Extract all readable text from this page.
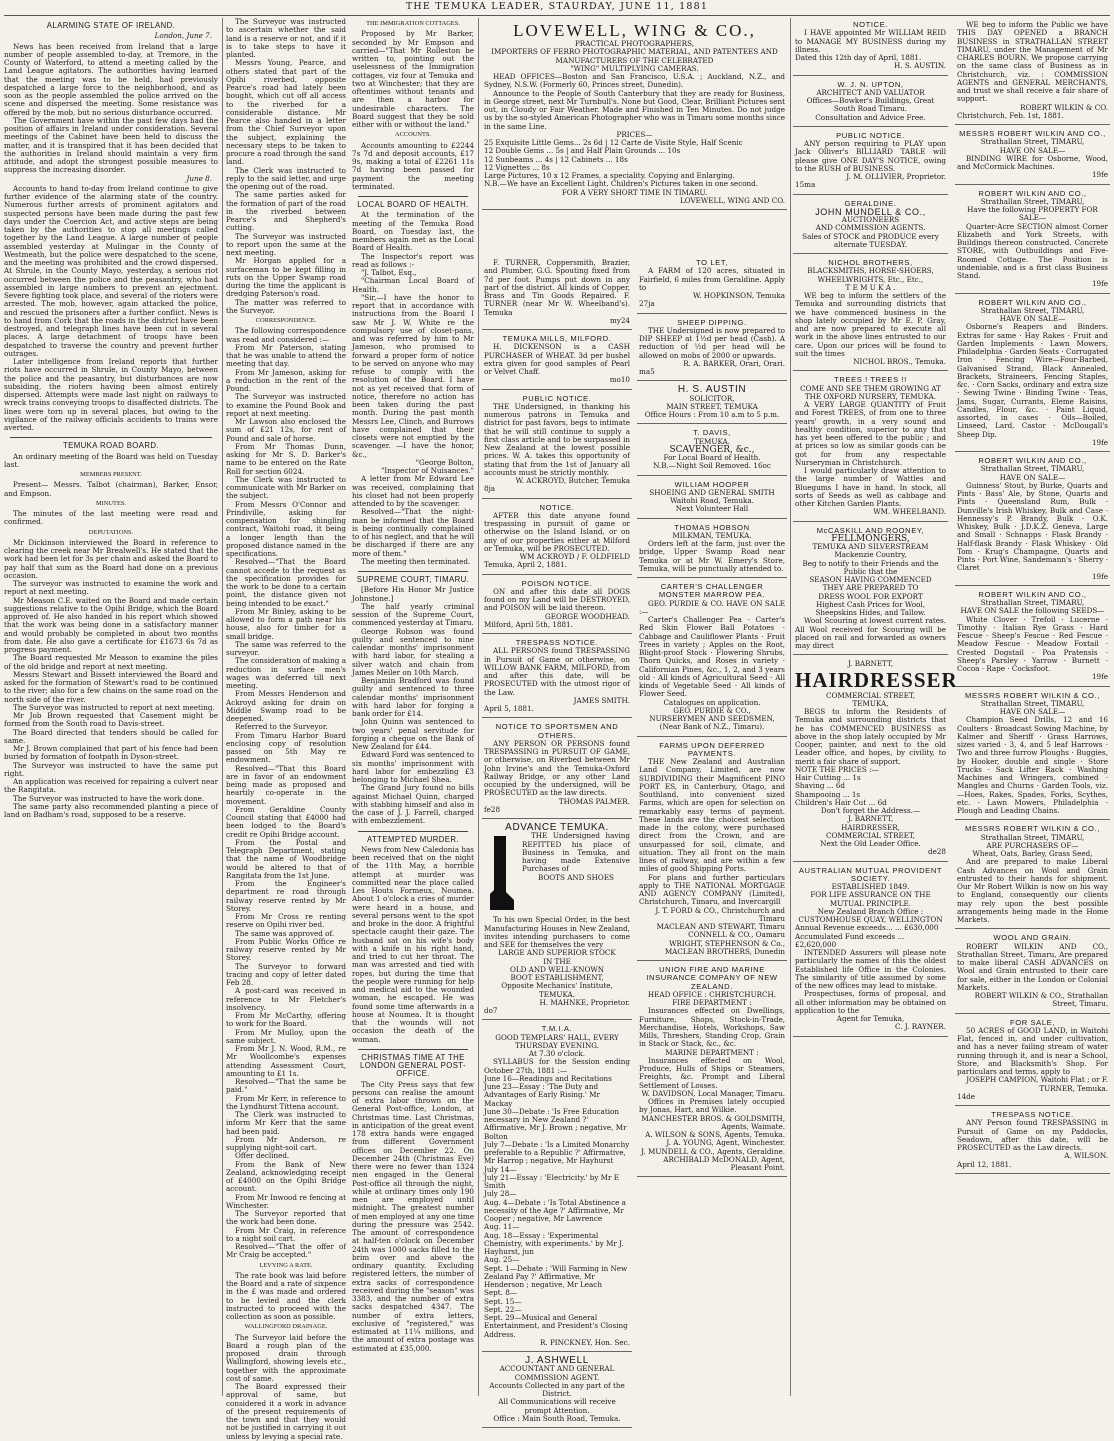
THE TEMUKA LEADER, STAURDAY, JUNE 11, 1881
ALARMING STATE OF IRELAND.
London, June 7.

News has been received from Ireland that a large number of people assembled to-day, at Tremore, in the County of Waterford, to attend a meeting called by the Land League agitators. The authorities having learned that the meeting was to be held, had previously despatched a large force to the neighborhood, and as soon as the people assembled the police arrived on the scene and dispersed the meeting. Some resistance was offered by the mob, but no serious disturbance occurred.

The Government have within the past few days had the position of affairs in Ireland under consideration. Several meetings of the Cabinet have been held to discuss the matter, and it is transpired that it has been decided that the authorities in Ireland should maintain a very firm attitude, and adopt the strongest possible measures to suppress the increasing disorder.

June 8.

Accounts to hand to-day from Ireland continue to give further evidence of the alarming state of the country. Numerous further arrests of prominent agitators and suspected persons have been made during the past few days under the Coercion Act, and active steps are being taken by the authorities to stop all meetings called together by the Land League. A large number of people assembled yesterday at Mulingar in the County of Westmeath, but the police were despatched to the scene, and the meeting was prohibited and the crowd dispersed. At Shrule, in the County Mayo, yesterday, a serious riot occurred between the police and the peasantry, who had assembled in large numbers to prevent an ejectment. Severe fighting took place, and several of the rioters were arrested. The mob, however, again attacked the police, and rescued the prisoners after a further conflict. News is to hand from Cork that the roads in the district have been destroyed, and telegraph lines have been cut in several places. A large detachment of troops have been despatched to traverse the country and prevent further outrages.

Later intelligence from Ireland reports that further riots have occurred in Shrule, in County Mayo, between the police and the peasantry, but disturbances are now subsiding, the rioters having been almost entirely dispersed. Attempts were made last night on railways to wreck trains conveying troops to disaffected districts. The lines were torn up in several places, but owing to the vigilance of the railway officials accidents to trains were averted.

TEMUKA ROAD BOARD.

An ordinary meeting of the Board was held on Tuesday last.

MEMBERS PRESENT.

Present— Messrs. Talbot (chairman), Barker, Ensor, and Empson.

MINUTES.

The minutes of the last meeting were read and confirmed.

DEPUTATIONS.

Mr Dickinson interviewed the Board in reference to clearing the creek near Mr Brealwell's. He stated that the work had been let for 3s per chain and asked the Board to pay half that sum as the Board had done on a previous occasion.

The surveyor was instructed to examine the work and report at next meeting.

Mr Meason C.E. waited on the Board and made certain suggestions relative to the Opihi Bridge, which the Board approved of. He also handed in his report which showed that the work was being done in a satisfactory manner and would probably be completed in about two months from date. He also gave a certificate for £1673 6s 7d as progress payment.

The Board requested Mr Meason to examine the piles of the old bridge and report at next meeting.

Messrs Stewart and Bissett interviewed the Board and asked for the formation of Stewart's road to be continued to the river; also for a few chains on the same road on the north side of the river.

The Surveyor was instructed to report at next meeting.

Mr Job Brown requested that Casement might be formed from the South road to Davis-street.

The Board directed that tenders should be called for same.

Mr J. Brown complained that part of his fence had been buried by formation of footpath in Dyson-street.

The Surveyor was instructed to have the same put right.

An application was received for repairing a culvert near the Rangitata.

The Surveyor was instructed to have the work done.

The same party also recommended planting a piece of land on Badham's road, supposed to be a reserve.

The Surveyor was instructed to ascertain whether the said land is a reserve or not, and if it is to take steps to have it planted.

Messrs Young, Pearce, and others stated that part of the Opihi riverbed, opposite Pearce's road had lately been bought, which cut off all access to the riverbed for a considerable distance. Mr Pearce also handed in a letter from the Chief Surveyor upon the subject, explaining the necessary steps to be taken to procure a road through the sand land.

The Clerk was instructed to reply to the said letter, and urge the opening out of the road.

The same parties asked for the formation of part of the road in the riverbed between Pearce's and Shepherd's cutting.

The Surveyor was instructed to report upon the same at the next meeting.

Mr Horgan applied for a surfaceman to be kept filling in ruts on the Upper Swamp road during the time the applicant is dredging Paterson's road.

The matter was referred to the Surveyor.

CORRESPONDENCE.

The following correspondence was read and considered :—

From Mr Paterson, stating that he was unable to attend the meeting that day.

From Mr Jameson, asking for a reduction in the rent of the Pound.

The Surveyor was instructed to examine the Pound Book and report at next meeting.

Mr Lawson also enclosed the sum of £21 12s, for rent of Pound and sale of horse.

From Mr Thomas Dunn, asking for Mr S. D. Barker's name to be entered on the Rate Roll for section 6024.

The Clerk was instructed to communicate with Mr Barker on the subject.

From Messrs O'Connor and Prindiville, asking for compensation for shingling contract, Waitohi road, it being a longer length than the proposed distance named in the specifications.

Resolved—"That the Board cannot accede to the request as the specification provides for the work to be done to a certain point, the distance given not being intended to be exact."

From Mr Binley, asking to be allowed to form a path near his house, also for timber for a small bridge.

The same was referred to the surveyor.

The consideration of making a reduction in surface men's wages was deferred till next meeting.

From Messrs Henderson and Ackroyd asking for drain on Middle Swamp road to be deepened.

Referred to the Surveyor.

From Timaru Harbor Board enclosing copy of resolution passed on 5th May re endowment.

Resolved—"That this Board are in favor of an endowment being made as proposed and heartily co-operate in the movement.

From Geraldine County Council stating that £4000 had been lodged to the Board's credit re Opihi Bridge account.

From the Postal and Telegraph Department, stating that the name of Woodbridge would be altered to that of Rangitata from the 1st June.

From the Engineer's department re road through railway reserve rented by Mr Storey.

From Mr Cross re renting reserve on Opihi river bed.

The same was approved of.

From Public Works Office re railway reserve rented by Mr Storey.

The Surveyor to forward tracing and copy of letter dated Feb 28.

A post-card was received in reference to Mr Fletcher's insolvency.

From Mr McCarthy, offering to work for the Board.

From Mr Mulloy, upon the same subject.

From Mr J. N. Wood, R.M., re Mr Woollcombe's expenses attending Assessment Court, amounting to £1 1s.

Resolved—"That the same be paid."

From Mr Kerr, in reference to the Lyndhurst Tittena account.

The Clerk was instructed to inform Mr Kerr that the same had been paid.

From Mr Anderson, re supplying night-soil cart.

Offer declined.

From the Bank of New Zealand, acknowledging receipt of £4000 on the Opihi Bridge account.

From Mr Inwood re fencing at Winchester.

The Surveyor reported that the work had been done.

From Mr Craig, in reference to a night soil cart.

Resolved—"That the offer of Mr Craig be accepted."

LEVYING A RATE.

The rate book was laid before the Board and a rate of sixpence in the £ was made and ordered to be levied and the clerk instructed to proceed with the collection as soon as possible.

WALLINGFORD DRAINAGE.

The Surveyor laid before the Board a rough plan of the proposed drain through Wallingford, showing levels etc., together with the approximate cost of same.

The Board expressed their approval of same, but considered it a work in advance of the present requirements of the town and that they would not be justified in carrying it out unless by levying a special rate.

THE IMMIGRATION COTTAGES.

Proposed by Mr Barker, seconded by Mr Empson and carried—"That Mr Rolleston be written to, pointing out the uselessness of the Immigration cottages, viz four at Temuka and two at Winchester; that they are oftentimes without tenants and are then a harbor for undesirable characters. The Board suggest that they be sold either with or without the land."

ACCOUNTS.

Accounts amounting to £2244 7s 7d and deposit accounts, £17 9s, making a total of £2261 11s 7d having been passed for payment the meeting terminated.

LOCAL BOARD OF HEALTH.

At the termination of the meeting of the Temuka Road Board, on Tuesday last, the members again met as the Local Board of Health.

The Inspector's report was read as follows :-

"J. Talbot, Esq.,

"Chairman Local Board of Health.

"Sir,—I have the honor to report that in accordance with instructions from the Board I saw Mr J. W. White re the compulsory use of closet-pans, and was referred by him to Mr Jameson, who promised to forward a proper form of notice to be served on anyone who may refuse to comply with the resolution of the Board. I have not as yet received that form of notice, therefore no action has been taken during the past month. During the past month Messrs Lee, Clinch, and Burrows have complained that their closets were not emptied by the scavenger. —I have the honor, &c.,

"George Bolton,
"Inspector of Nuisances."

A letter from Mr Edward Lee was received, complaining that his closet had not been properly attended to by the scavenger.

Resolved—"That the night-man be informed that the Board is being continually complained to of his neglect, and that he will be discharged if there are any more of them."

The meeting then terminated.

SUPREME COURT, TIMARU.

[Before His Honor Mr Justice Johnstone.]

The half yearly criminal session of the Supreme Court, commenced yesterday at Timaru.

George Robson was found guilty and sentenced to nine calendar months' imprisonment with hard labor, for stealing a silver watch and chain from James Meiler on 10th March.

Benjamin Bradford was found guilty and sentenced to three calendar months' imprisonment with hard labor for forging a bank order for £14.

John Quinn was sentenced to two years' penal servitude for forging a cheque on the Bank of New Zealand for £44.

Edward Ford was sentenced to six months' imprisonment with hard labor for embezzling £3 belonging to Michael Shea.

The Grand Jury found no bills against Michael Quinn, charged with stabbing himself and also in the case of J. J. Farrell, charged with embezzlement.

ATTEMPTED MURDER.

News from New Caledonia has been received that on the night of the 11th May, a horrible attempt at murder was committed near the place called Les Houts Formeux, Noumea. About 1 o'clock a cries of murder were heard in a house, and several persons went to the spot and broke in the door. A frightful spectacle caught their gaze. The husband sat on his wife's body with a knife in his right hand, and tried to cut her throat. The man was arrested and tied with ropes, but during the time that the people were running for help and medical aid to the wounded woman, he escaped. He was found some time afterwards in a house at Noumea. It is thought that the wounds will not occasion the death of the woman.

CHRISTMAS TIME AT THE LONDON GENERAL POST-OFFICE.

The City Press says that few persons can realise the amount of extra labor thrown on the General Post-office, London, at Christmas time. Last Christmas, in anticipation of the great event 178 extra hands were engaged from different Government offices on December 22. On December 24th (Christmas Eve) there were no fewer than 1324 men engaged in the General Post-office all through the night, while at ordinary times only 190 men are employed until midnight. The greatest number of men employed at any one time during the pressure was 2542. The amount of correspondence at half-ten o'clock on December 24th was 1000 sacks filled to the brim over and above the ordinary quantity. Excluding registered letters, the number of extra sacks of correspondence received during the "season" was 3383, and the number of extra sacks despatched 4347. The number of extra letters, exclusive of "registered," was estimated at 11¼ millions, and the amount of extra postage was estimated at £35,000.

LOVEWELL, WING & CO.,
PRACTICAL PHOTOGRAPHERS,
IMPORTERS OF FERRO PHOTOGRAPHIC MATERIAL, AND PATENTEES AND MANUFACTURERS OF THE CELEBRATED
"WING" MULTIPLYING CAMERAS.

HEAD OFFICES—Boston and San Francisco, U.S.A. ; Auckland, N.Z., and Sydney, N.S.W. (Formerly 60, Princes street, Dunedin).

Announce to the People of South Canterbury that they are ready for Business, in George street, next Mr Turnbull's. None but Good, Clear, Brilliant Pictures sent out, in Cloudy or Fair Weather. Made and Finished in Ten Minutes. Do not judge us by the so-styled American Photographer who was in Timaru some months since in the same Line.

PRICES—
25 Exquisite Little Gems... 2s 6d | 12 Carte de Visite Style, Half Scenic
12 Double Gems ... 5s | and Half Plain Grounds ... 10s
12 Sunbeams ... 4s | 12 Cabinets ... 18s
12 Vignettes ... 8s
Large Pictures, 10 x 12 Frames, a speciality. Copying and Enlarging.
N.B.—We have an Excellent Light. Children's Pictures taken in one second.
FOR A VERY SHORT TIME IN TIMARU.
LOVEWELL, WING AND CO.

F. TURNER, Coppersmith, Brazier, and Plumber, G.G. Spouting fixed from 7d per foot. Pumps put down in any part of the district. All kinds of Copper, Brass and Tin Goods Repaired. F. TURNER (near Mr W. Wheelband's). Temuka

my24
TEMUKA MILLS, MILFORD.

H. DICKENSON is a CASH PURCHASER of WHEAT. 3d per bushel extra given for good samples of Pearl or Velvet Chaff.

mo10
PUBLIC NOTICE.

THE Undersigned, in thanking his numerous patrons in Temuka and district for past favors, begs to intimate that he will still continue to supply a first class article and to be surpassed in New Zealand at the lowest possible prices. W. A. takes this opportunity of stating that from the 1st of January all accounts must be strictly monthly.

W. ACKROYD, Butcher, Temuka
8ja
NOTICE.

AFTER this date anyone found trespassing in pursuit of game or otherwise on the Island Island, or on any of our properties either at Milford or Temuka, will be PROSECUTED.

WM ACKROYD / F. OLDFIELD
Temuka, April 2, 1881.
POISON NOTICE.

ON and after this date all DOGS found on my Land will be DESTROYED, and POISON will be laid thereon.

GEORGE WOODHEAD.
Milford, April 5th, 1881.
TRESPASS NOTICE.

ALL PERSONS found TRESPASSING in Pursuit of Game or otherwise, on WILLOW BANK FARM, MILFORD, from and after this date, will be PROSECUTED with the utmost rigor of the Law.

JAMES SMITH.
April 5, 1881.
NOTICE TO SPORTSMEN AND OTHERS.

ANY PERSON OR PERSONS found TRESPASSING in PURSUIT OF GAME, or otherwise, on Riverbed between Mr John Irvine's and the Temuka-Oxford Railway Bridge, or any other Land occupied by the undersigned, will be PROSECUTED as the law directs.

THOMAS PALMER.
fe28
ADVANCE TEMUKA.

THE Undersigned having REFITTED his place of Business in Temuka, and having made Extensive Purchases of

BOOTS AND SHOES

To his own Special Order, in the best Manufacturing Houses in New Zealand, invites intending purchasers to come and SEE for themselves the very

LARGE AND SUPERIOR STOCK
IN THE
OLD AND WELL-KNOWN
BOOT ESTABLISHMENT,
Opposite Mechanics' Institute, TEMUKA.
H. MAHNKE, Proprietor.
do7
T.M.I.A.
GOOD TEMPLARS' HALL, EVERY THURSDAY EVENING.
At 7.30 o'clock.

SYLLABUS for the Session ending October 27th, 1881 :—

June 16—Readings and Recitations
June 23—Essay : 'The Duty and Advantages of Early Rising.' Mr Mackay
June 30—Debate : 'Is Free Education necessary in New Zealand ?' Affirmative, Mr J. Brown ; negative, Mr Bolton
July 7—Debate : 'Is a Limited Monarchy preferable to a Republic ?' Affirmative, Mr Harrop ; negative, Mr Hayhurst
July 14—
July 21—Essay : 'Electricity.' by Mr E Smith
July 28—
Aug. 4—Debate : 'Is Total Abstinence a necessity of the Age ?' Affirmative, Mr Cooper ; negative, Mr Lawrence
Aug. 11—
Aug. 18—Essay : 'Experimental Chemistry, with experiments.' by Mr J. Hayhurst, jun
Aug. 25—
Sept. 1—Debate : 'Will Farming in New Zealand Pay ?' Affirmative, Mr Henderson ; negative, Mr Leach
Sept. 8—
Sept. 15—
Sept. 22—
Sept. 29—Musical and General Entertainment, and President's Closing Address.
R. PINCKNEY, Hon. Sec.
J. ASHWELL
ACCOUNTANT AND GENERAL COMMISSION AGENT.
Accounts Collected in any part of the District.
All Communications will receive prompt Attention.
Office : Main South Road, Temuka.
TO LET,

A FARM of 120 acres, situated in Fairfield, 6 miles from Geraldine. Apply to

W. HOPKINSON, Temuka
27ja
SHEEP DIPPING.

THE Undersigned is now prepared to DIP SHEEP at 1½d per head (Cash). A reduction of ½d per head will be allowed on mobs of 2000 or upwards.

R. A. BARKER, Orari, Orari.
ma5
H. S. AUSTIN
SOLICITOR,
MAIN STREET, TEMUKA
Office Hours : From 10 a.m to 5 p.m.
T. DAVIS,
TEMUKA.
SCAVENGER, &c.,
For Local Board of Health.
N.B.—Night Soil Removed. 16oc
WILLIAM HOOPER
SHOEING AND GENERAL SMITH
Waitohi Road, Temuka.
Next Volunteer Hall
THOMAS HOBSON
MILKMAN, TEMUKA.

Orders left at the farm, just over the bridge, Upper Swamp Road near Temuka or at Mr W. Emery's Store, Temuka, will be punctually attended to.

CARTER'S CHALLENGER MONSTER MARROW PEA.

GEO. PURDIE & CO. HAVE ON SALE :—

Carter's Challenger Pea · Carter's Red Skin Flower Ball Potatoes · Cabbage and Cauliflower Plants · Fruit Trees in variety ; Apples on the Root, Blight-proof Stock · Flowering Shrubs, Thorn Quicks, and Roses in variety · Californian Pines, &c., 1, 2, and 3 years old · All kinds of Agricultural Seed · All kinds of Vegetable Seed · All kinds of Flower Seed.

Catalogues on application.
GEO. PURDIE & CO.,
NURSERYMEN AND SEEDSMEN, (Near Bank of N.Z., Timaru).
FARMS UPON DEFERRED PAYMENTS.

THE New Zealand and Australian Land Company, Limited, are now SUBDIVIDING their Magnificent PINO PORT ES, in Canterbury, Otago, and Southland, into convenient sized Farms, which are open for selection on remarkably easy terms of payment. These lands are the choicest selection made in the colony, were purchased direct from the Crown, and are unsurpassed for soil, climate, and situation. They all front on the main lines of railway, and are within a few miles of good Shipping Ports.

For plans and further particulars apply to THE NATIONAL MORTGAGE AND AGENCY COMPANY (Limited), Christchurch, Timaru, and Invercargill

J. T. FORD & CO., Christchurch and Timaru
MACLEAN AND STEWART, Timaru
CONNELL & CO., Oamaru
WRIGHT, STEPHENSON & Co., MACLEAN BROTHERS, Dunedin
UNION FIRE AND MARINE INSURANCE COMPANY OF NEW ZEALAND.
HEAD OFFICE : CHRISTCHURCH.
FIRE DEPARTMENT :

Insurances effected on Dwellings, Furniture, Shops, Stock-in-Trade, Merchandise, Hotels, Workshops, Saw Mills, Threshers, Standing Crop, Grain in Stack or Stack, &c., &c.

MARINE DEPARTMENT :

Insurances effected on Wool, Produce, Hulls of Ships or Steamers, Freights, &c. Prompt and Liberal Settlement of Losses.

W. DAVIDSON, Local Manager, Timaru.

Offices in Premises lately occupied by Jonas, Hart, and Wilkie.

MANCHESTER BROS. & GOLDSMITH, Agents, Waimate.
A. WILSON & SONS, Agents, Temuka.
J. A. YOUNG, Agent, Winchester.
J. MUNDELL & CO., Agents, Geraldine.
ARCHIBALD McDONALD, Agent, Pleasant Point.
NOTICE.

I HAVE appointed Mr WILLIAM REID to MANAGE MY BUSINESS during my illness.

Dated this 12th day of April, 1881.
H. S. AUSTIN.
W. J. N. UPTON,
ARCHITECT AND VALUATOR
Offices—Bowker's Buildings, Great South Road Timaru.
Consultation and Advice Free.
PUBLIC NOTICE.

ANY person requiring to PLAY upon Jack Olliver's BILLIARD TABLE will please give ONE DAY'S NOTICE, owing to the RUSH of BUSINESS.

J. M. OLLIVIER, Proprietor.
15ma
GERALDINE.
JOHN MUNDELL & CO.,
AUCTIONEERS
AND COMMISSION AGENTS.
Sales of STOCK and PRODUCE every alternate TUESDAY.
NICHOL BROTHERS,
BLACKSMITHS, HORSE-SHOERS, WHEELWRIGHTS, Etc., Etc.,
T E M U K A .

WE beg to inform the settlers of the Temuka and surrounding districts that we have commenced business in the shop lately occupied by Mr E. P. Gray, and are now prepared to execute all work in the above lines entrusted to our care. Upon our prices will be found to suit the times

NICHOL BROS., Temuka.
TREES ! TREES !!
COME AND SEE THEM GROWING AT THE OXFORD NURSERY, TEMUKA.

A VERY LARGE QUANTITY of Fruit and Forest TREES, of from one to three years' growth, in a very sound and healthy condition, superior to any that has yet been offered to the public ; and at prices so low as similar goods can be got for from any respectable Nurseryman in Christchurch.

I would particularly draw attention to the large number of Wattles and Bluegums I have in hand. In stock, all sorts of Seeds as well as cabbage and other Kitchen Garden Plants.

WM. WHEELBAND.
McCASKILL AND ROONEY,
FELLMONGERS,
TEMUKA AND SILVERSTREAM
Mackenzie Country,
Beg to notify to their Friends and the Public that the
SEASON HAVING COMMENCED
THEY ARE PREPARED TO
DRESS WOOL FOR EXPORT
Highest Cash Prices for Wool, Sheepskins Hides, and Tallow.

Wool Scouring at lowest current rates. All Wool received for Scouring will be placed on rail and forwarded as owners may direct

J. BARNETT,
HAIRDRESSER
COMMERCIAL STREET,
TEMUKA,

BEGS to inform the Residents of Temuka and surrounding districts that he has COMMENCED BUSINESS as above in the shop lately occupied by Mr Cooper, painter, and next to the old Leader office, and hopes, by civility, to merit a fair share of support.

NOTE THE PRICES :—
Hair Cutting ... 1s
Shaving ... 6d
Shampooing ... 1s
Children's Hair Cut ... 6d
Don't forget the Address.—
J. BARNETT,
HAIRDRESSER,
COMMERCIAL STREET,
Next the Old Leader Office.
de28
AUSTRALIAN MUTUAL PROVIDENT SOCIETY.
ESTABLISHED 1849.
FOR LIFE ASSURANCE ON THE MUTUAL PRINCIPLE.
New Zealand Branch Office :
CUSTOMHOUSE QUAY, WELLINGTON
Annual Revenue exceeds... ... £630,000
Accumulated Fund exceeds ... £2,620,000

INTENDED Assurers will please note particularly the names of this the oldest Established life Office in the Colonies. The similarity of title assumed by some of the new offices may lead to mistake.

Prospectuses, forms of proposal, and all other information may be obtained on application to the

Agent for Temuka,
C. J. RAYNER.

WE beg to inform the Public we have THIS DAY OPENED a BRANCH BUSINESS in STRATHALLAN STREET TIMARU, under the Management of Mr CHARLES BOURN. We propose carrying on the same class of Business as in Christchurch, viz. : COMMISSION AGENTS and GENERAL MERCHANTS, and trust we shall receive a fair share of support.

ROBERT WILKIN & CO.
Christchurch, Feb. 1st, 1881.
MESSRS ROBERT WILKIN AND CO.,
Strathallan Street, TIMARU,
HAVE ON SALE—

BINDING WIRE for Osborne, Wood, and McCormick Machines.

19fe
ROBERT WILKIN AND CO.,
Strathallan Street, TIMARU,
Have the following PROPERTY FOR SALE—

Quarter-Acre SECTION almost Corner Elizabeth and York Streets, with Buildings thereon constructed. Concrete STORE, with Outbuildings and Five-Roomed Cottage. The Position is undeniable, and is a first class Business Stand.

19fe
ROBERT WILKIN AND CO.,
Strathallan Street, TIMARU,
HAVE ON SALE—

Osborne's Reapers and Binders. Extras for same · Hay Rakes · Fruit and Garden Implements · Lawn Mowers, Philadelphia · Garden Seats · Corrugated Iron · Fencing Wire—Four-Barbed, Galvanised Strand, Black Annealed, Brackets, Straineers, Fencing Staples, &c. · Corn Sacks, ordinary and extra size · Sewing Twine · Binding Twine · Teas, Jams, Sugar, Currants, Eleme Raisins, Candles, Flour, &c. · Paint Liquid, assorted, in cases · Oils—Boiled, Linseed, Lard, Castor · McDougall's Sheep Dip.

19fe
ROBERT WILKIN AND CO.,
Strathallan Street, TIMARU,
HAVE ON SALE—

Guinness' Stout, by Burke, Quarts and Pints · Bass' Ale, by Stone, Quarts and Pints · Queensland Rum, Bulk · Dunville's Irish Whiskey, Bulk and Case · Hennessy's P. Brandy, Bulk · O.K. Whiskey, Bulk · J.D.K.Z. Geneva, Large and Small · Schnapps · Flask Brandy · Half-flask Brandy · Flask Whiskey · Old Tom · Krug's Champagne, Quarts and Pints · Port Wine, Sandemann's · Sherry · Claret

19fe
ROBERT WILKIN AND CO.,
Strathallan Street, TIMARU,
HAVE ON SALE the following SEEDS—

White Clover · Trefoil · Lucerne · Timothy · Italian Rye Grass · Hard Fescue · Sheep's Fescue · Red Fescue · Meadow Fescue · Meadow Foxtail · Crested Dogstail · Poa Pratensis · Sheep's Parsley · Yarrow · Burnett · Cocoa · Rape · Cocksfoot.

19fe
MESSRS ROBERT WILKIN & CO.,
Strathallan Street, TIMARU,
HAVE ON SALE—

Champion Seed Drills, 12 and 16 Coulters · Broadcast Sowing Machine, by Kalmer and Sheriff · Grass Harrows, sizes varied · 3, 4, and 5 leaf Harrows · Two and three furrow Ploughs · Buggies, by Hooker, double and single · Store Trucks · Sack Lifter Rack · Washing Machines and Wringers, combined · Mangles and Churns · Garden Tools, viz.—Hoes, Rakes, Spades, Forks, Scythes, etc. · Lawn Mowers, Philadelphia · Plough and Leading Chains.

MESSRS ROBERT WILKIN & CO.,
Strathallan Street, TIMARU,
ARE PURCHASERS OF—
Wheat, Oats, Barley, Grass Seed,

And are prepared to make Liberal Cash Advances on Wool and Grain entrusted to their hands for shipment. Our Mr Robert Wilkin is now on his way to England, consequently our clients may rely upon the best possible arrangements being made in the Home Markets.

WOOL AND GRAIN.

ROBERT WILKIN AND CO., Strathallan Street, Timaru, Are prepared to make liberal CASH ADVANCES on Wool and Grain entrusted to their care for sale, either in the London or Colonial Markets.

ROBERT WILKIN & CO., Strathallan Street, Timaru.
FOR SALE,

50 ACRES of GOOD LAND, in Waitohi Flat, fenced in, and under cultivation, and has a never failing stream of water running through it, and is near a School, Store, and Blacksmith's Shop. For particulars and terms, apply to

JOSEPH CAMPION, Waitohi Flat ; or F. TURNER, Temuka.
14de
TRESPASS NOTICE.

ANY Person found TRESPASSING in Pursuit of Game on my Paddocks, Seadown, after this date, will be PROSECUTED as the Law directs.

A. WILSON.
April 12, 1881.
